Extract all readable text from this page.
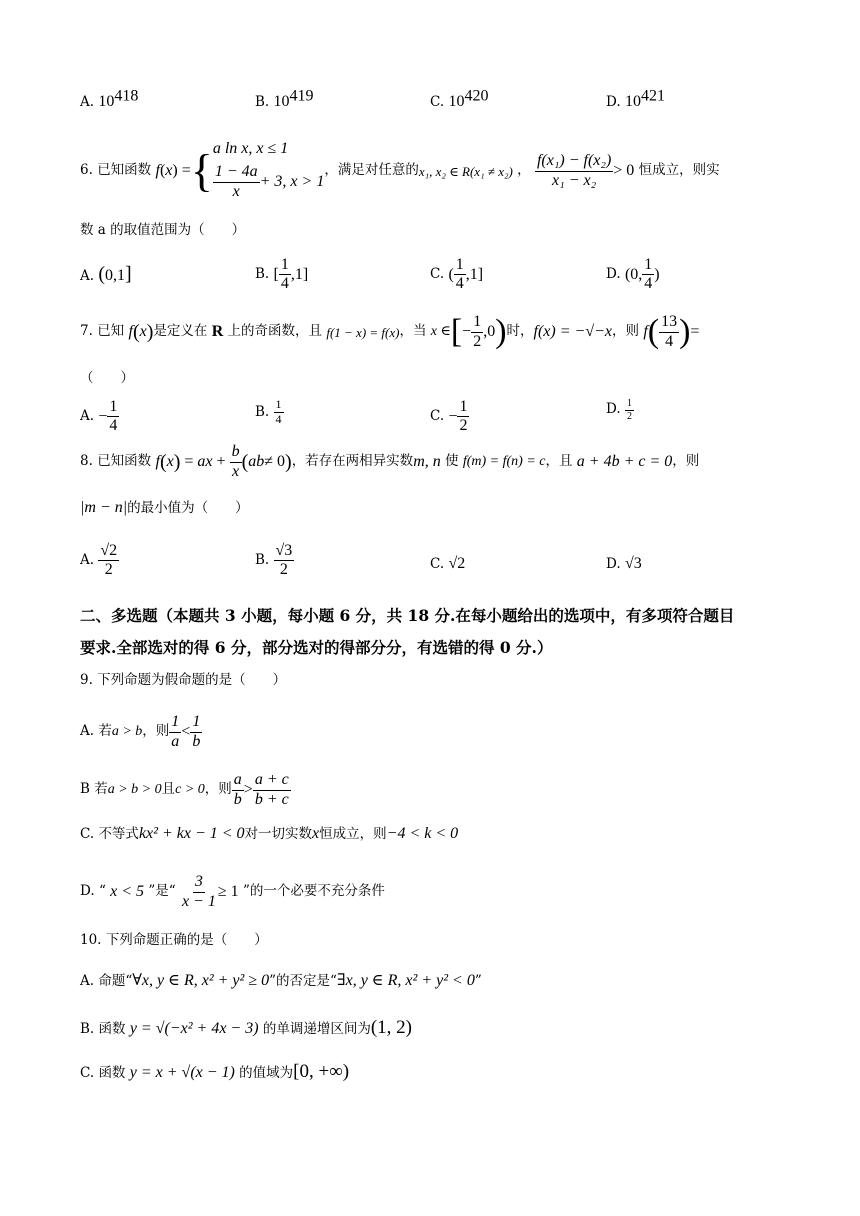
A. $10^{418}$	B. $10^{419}$	C. $10^{420}$	D. $10^{421}$
6.
已知函数
f ( x ) = { a ln x, x ≤ 1
$\frac{1 - 4a}{x} + 3$, x > 1
，满足对任意的 x₁, x₂ ∈ R(x₁ ≠ x₂) ， $\frac{\text{f(x₁) − f(x₂)}}{\text{x₁ − x₂}} > 0$
恒成立，则实
数 a 的取值范围为（　　）
A. (0,1]	B.
[ $\frac{1}{4} ,1$]	C.
( $\frac{1}{4} ,1$]	D.
(0, $\frac{1}{4}$ )
7.
已知
f ( x ) 是定义在
R
上的奇函数，且
f(1 − x) = f(x) ，当
x ∈ [ − $\frac{1}{2} ,0$ ) 时， f(x) = −√−x ，则
f ( $\frac{13}{4}$ ) =
（　　）
A.
− $\frac{1}{4}$	B.
$\frac{1}{4}$	C.
− $\frac{1}{2}$	D.
$\frac{1}{2}$
8.
已知函数
f ( x ) = ax + $\frac{b}{x}$ ( ab ≠ 0 ) ，若存在两相异实数 m, n
使
f(m) = f(n) = c ，且
a + 4b + c = 0 ，则
|m − n|的最小值为（　　）
A.
$\frac{√2}{2}$	B.
$\frac{√3}{2}$	C. √2	D. √3
二、多选题（本题共 3 小题，每小题 6 分，共 18 分.在每小题给出的选项中，有多项符合题目
要求.全部选对的得 6 分，部分选对的得部分分，有选错的得 0 分.）
9. 下列命题为假命题的是（　　）
A.
若 a > b ，则 $\frac{1}{a} < \frac{1}{b}$
B
若 a > b > 0 且 c > 0 ，则 $\frac{a}{b} > \frac{a + c}{b + c}$
C. 不等式kx² + kx − 1 < 0对一切实数x恒成立，则−4 < k < 0
D.
“
x < 5
”是“
$\frac{3}{x - 1} \ge 1$
”的一个必要不充分条件
10. 下列命题正确的是（　　）
A. 命题“∀x, y ∈ R, x² + y² ≥ 0”的否定是“∃x, y ∈ R, x² + y² < 0”
B. 函数 y = √(−x² + 4x − 3) 的单调递增区间为(1, 2)
C. 函数 y = x + √(x − 1) 的值域为[0, +∞)
